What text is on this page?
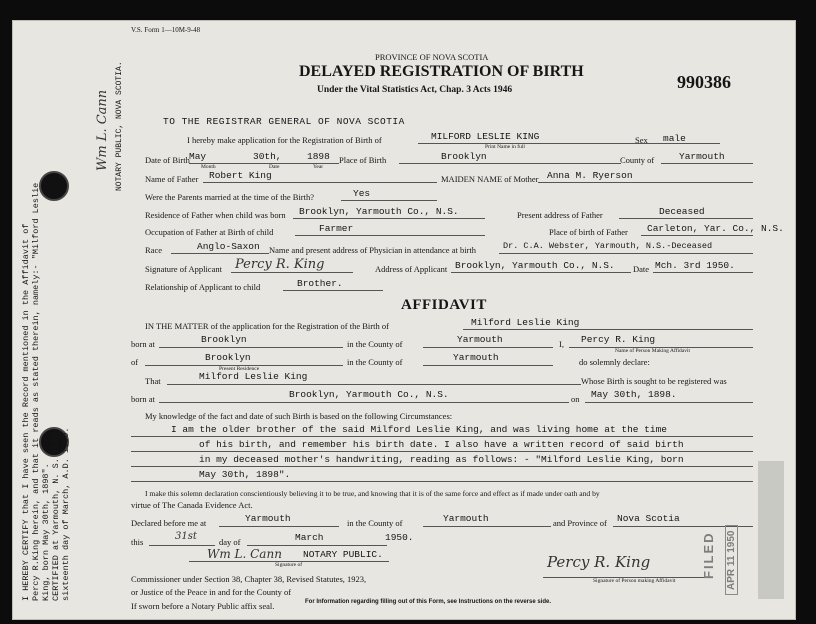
V.S. Form 1—10M-9-48
PROVINCE OF NOVA SCOTIA
DELAYED REGISTRATION OF BIRTH
Under the Vital Statistics Act, Chap. 3 Acts 1946	990386
TO THE REGISTRAR GENERAL OF NOVA SCOTIA
I hereby make application for the Registration of Birth of	MILFORD LESLIE KING
Print Name in full
Sex male
Date of Birth May	30th,	1898
Month	Date	Year
Place of Birth	Brooklyn	County of	Yarmouth
Name of Father Robert King	MAIDEN NAME of Mother Anna M. Ryerson
Were the Parents married at the time of the Birth?	Yes
Residence of Father when child was born Brooklyn, Yarmouth Co., N.S.	Present address of Father	Deceased
Occupation of Father at Birth of child	Farmer	Place of birth of Father Carleton, Yar. Co., N.S.
Race	Anglo-Saxon Name and present address of Physician in attendance at birth	Dr. C.A. Webster, Yarmouth, N.S.-Deceased
Signature of Applicant Percy R. King	Address of Applicant Brooklyn, Yarmouth Co., N.S. Date Mch. 3rd 1950.
Relationship of Applicant to child	Brother.
AFFIDAVIT
IN THE MATTER of the application for the Registration of the Birth of	Milford Leslie King
born at	Brooklyn	in the County of	Yarmouth	I, Percy R. King
Name of Person Making Affidavit
of	Brooklyn
Present Residence
in the County of	Yarmouth	do solemnly declare:
That	Milford Leslie King	Whose Birth is sought to be registered was
born at	Brooklyn, Yarmouth Co., N.S.	on May 30th, 1898.
My knowledge of the fact and date of such Birth is based on the following Circumstances:
I am the older brother of the said Milford Leslie King, and was living home at the time
of his birth, and remember his birth date. I also have a written record of said birth
in my deceased mother's handwriting, reading as follows: - "Milford Leslie King, born
May 30th, 1898".
I make this solemn declaration conscientiously believing it to be true, and knowing that it is of the same force and effect as if made under oath and by
virtue of The Canada Evidence Act.
Declared before me at	Yarmouth	in the County of	Yarmouth	and Province of Nova Scotia
this	31st	day of	March	1950.
Wm L. Cann NOTARY PUBLIC.
Signature of
Commissioner under Section 38, Chapter 38, Revised Statutes, 1923,
or Justice of the Peace in and for the County of
If sworn before a Notary Public affix seal.
Percy R. King
Signature of Person making Affidavit
For Information regarding filling out of this Form, see Instructions on the reverse side.
I HEREBY CERTIFY that I have seen the Record mentioned in the Affidavit of Percy R.King herein, and that it reads as stated therein, namely:- "Milford Leslie King, born May 30th, 1898". CERTIFIED at Yarmouth, N. S. this sixteenth day of March, A.D. 1950.
Wm L. Cann NOTARY PUBLIC, NOVA SCOTIA.
FILED APR 11 1950
